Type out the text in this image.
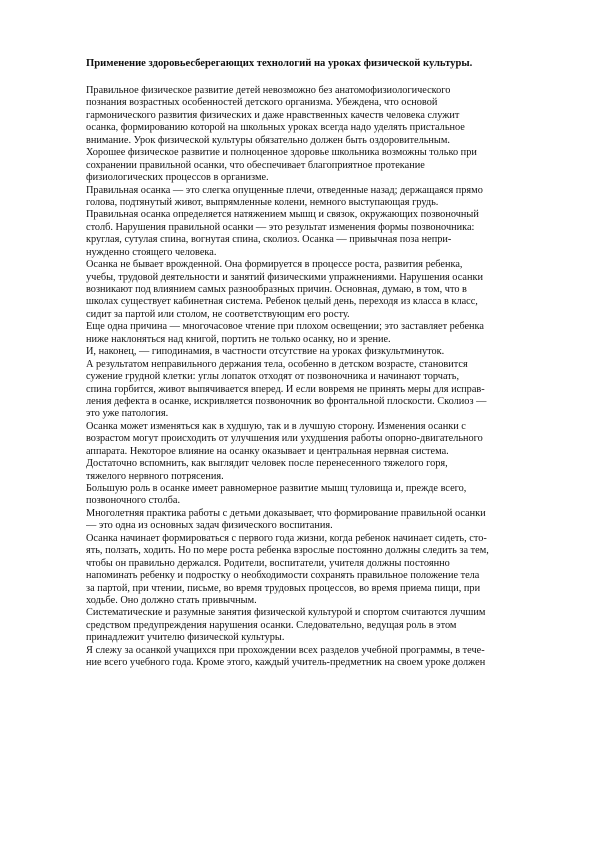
Применение здоровьесберегающих технологий на уроках физической культуры.
Правильное физическое развитие детей невозможно без анатомофизиологического
познания возрастных особенностей детского организма. Убеждена, что основой
гармонического развития физических и даже нравственных качеств человека служит
осанка, формированию которой на школьных уроках всегда надо уделять пристальное
внимание. Урок физической культуры обязательно должен быть оздоровительным.
Хорошее физическое развитие и полноценное здоровье школьника возможны только при
сохранении правильной осанки, что обеспечивает благоприятное протекание
физиологических процессов в организме.
Правильная осанка — это слегка опущенные плечи, отведенные назад; держащаяся прямо
голова, подтянутый живот, выпрямленные колени, немного выступающая грудь.
Правильная осанка определяется натяжением мышц и связок, окружающих позвоночный
столб. Нарушения правильной осанки — это результат изменения формы позвоночника:
круглая, сутулая спина, вогнутая спина, сколиоз. Осанка — привычная поза непри-
нужденно стоящего человека.
Осанка не бывает врожденной. Она формируется в процессе роста, развития ребенка,
учебы, трудовой деятельности и занятий физическими упражнениями. Нарушения осанки
возникают под влиянием самых разнообразных причин. Основная, думаю, в том, что в
школах существует кабинетная система. Ребенок целый день, переходя из класса в класс,
сидит за партой или столом, не соответствующим его росту.
Еще одна причина — многочасовое чтение при плохом освещении; это заставляет ребенка
ниже наклоняться над книгой, портить не только осанку, но и зрение.
И, наконец, — гиподинамия, в частности отсутствие на уроках физкультминуток.
А результатом неправильного держания тела, особенно в детском возрасте, становится
сужение грудной клетки: углы лопаток отходят от позвоночника и начинают торчать,
спина горбится, живот выпячивается вперед. И если вовремя не принять меры для исправ-
ления дефекта в осанке, искривляется позвоночник во фронтальной плоскости. Сколиоз —
это уже патология.
Осанка может изменяться как в худшую, так и в лучшую сторону. Изменения осанки с
возрастом могут происходить от улучшения или ухудшения работы опорно-двигательного
аппарата. Некоторое влияние на осанку оказывает и центральная нервная система.
Достаточно вспомнить, как выглядит человек после перенесенного тяжелого горя,
тяжелого нервного потрясения.
Большую роль в осанке имеет равномерное развитие мышц туловища и, прежде всего,
позвоночного столба.
Многолетняя практика работы с детьми доказывает, что формирование правильной осанки
— это одна из основных задач физического воспитания.
Осанка начинает формироваться с первого года жизни, когда ребенок начинает сидеть, сто-
ять, ползать, ходить. Но по мере роста ребенка взрослые постоянно должны следить за тем,
чтобы он правильно держался. Родители, воспитатели, учителя должны постоянно
напоминать ребенку и подростку о необходимости сохранять правильное положение тела
за партой, при чтении, письме, во время трудовых процессов, во время приема пищи, при
ходьбе. Оно должно стать привычным.
Систематические и разумные занятия физической культурой и спортом считаются лучшим
средством предупреждения нарушения осанки. Следовательно, ведущая роль в этом
принадлежит учителю физической культуры.
Я слежу за осанкой учащихся при прохождении всех разделов учебной программы, в тече-
ние всего учебного года. Кроме этого, каждый учитель-предметник на своем уроке должен
